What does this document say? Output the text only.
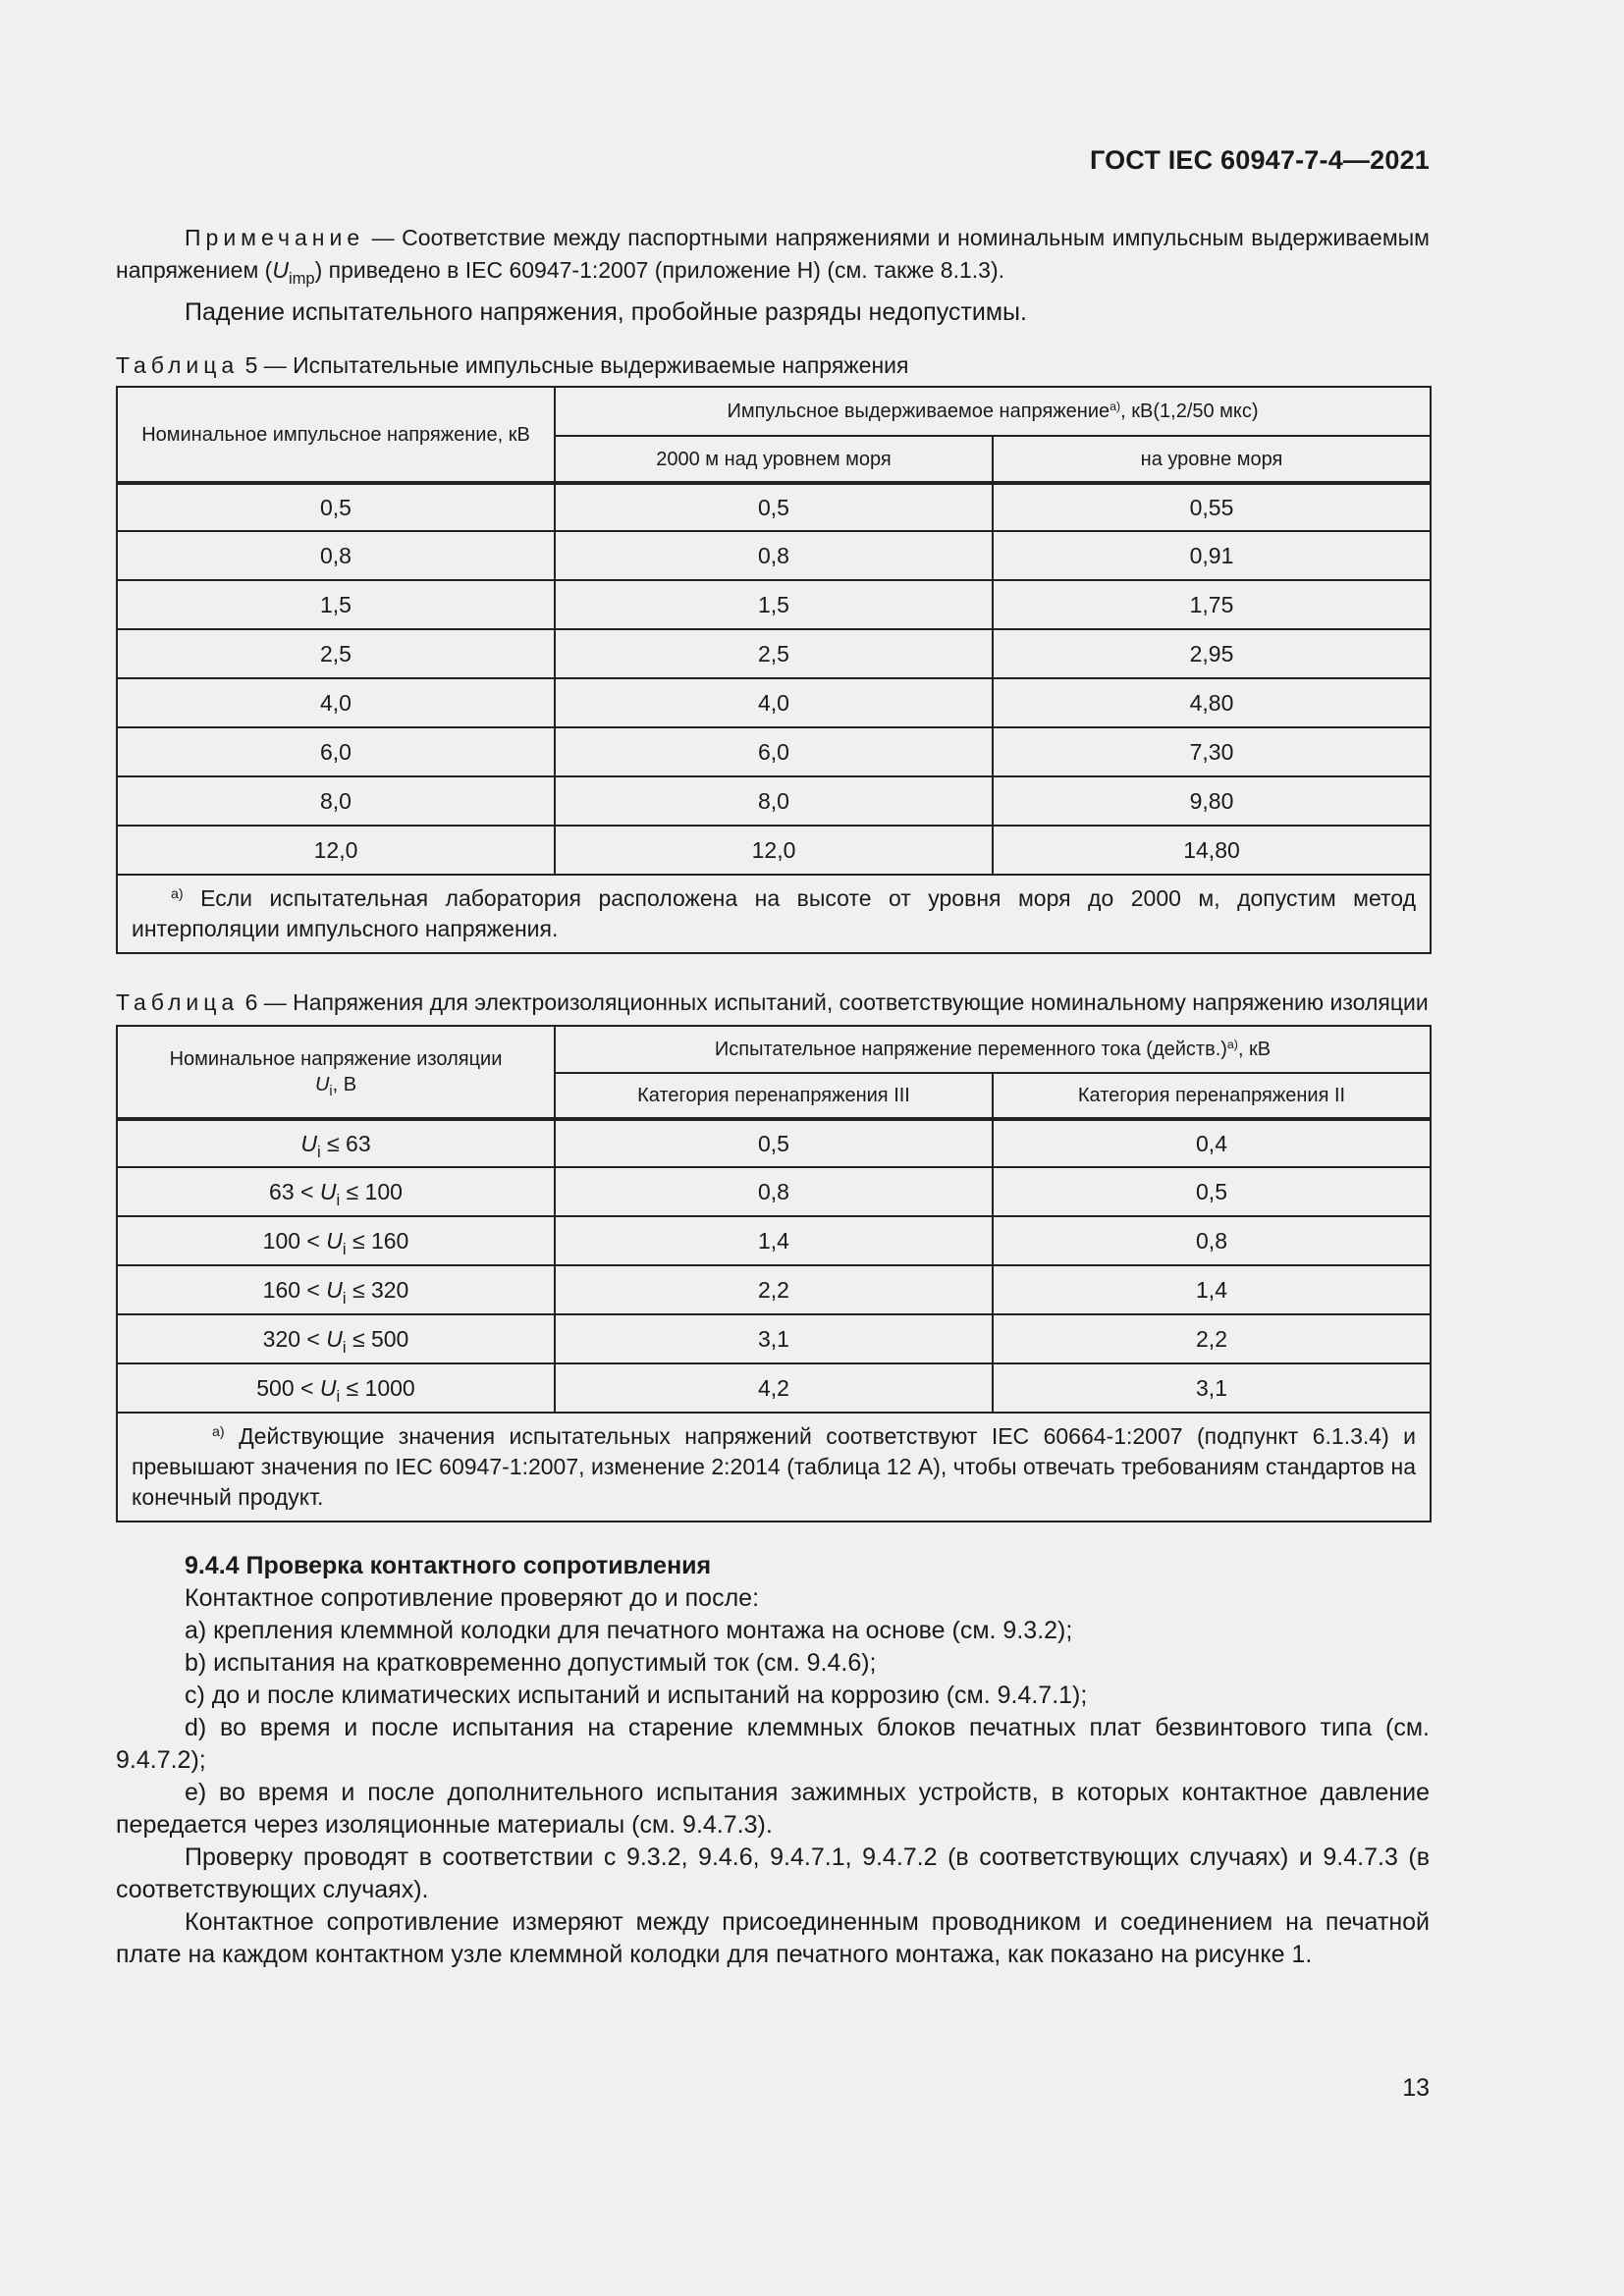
ГОСТ IEC 60947-7-4—2021

Примечание — Соответствие между паспортными напряжениями и номинальным импульсным выдерживаемым напряжением $(U_{imp})$ приведено в IEC 60947-1:2007 (приложение H) (см. также 8.1.3).

Падение испытательного напряжения, пробойные разряды недопустимы.

Таблица 5 — Испытательные импульсные выдерживаемые напряжения

Номинальное импульсное напряжение, кВ	Импульсное выдерживаемое напряжение$^{a)}$, кВ(1,2/50 мкс)	
	2000 м над уровнем моря	на уровне моря
0,5	0,5	0,55
0,8	0,8	0,91
1,5	1,5	1,75
2,5	2,5	2,95
4,0	4,0	4,80
6,0	6,0	7,30
8,0	8,0	9,80
12,0	12,0	14,80
$^{a)}$ Если испытательная лаборатория расположена на высоте от уровня моря до 2000 м, допустим метод интерполяции импульсного напряжения.		

Таблица 6 — Напряжения для электроизоляционных испытаний, соответствующие номинальному напряжению изоляции

Номинальное напряжение изоляции
$U_i$, В	Испытательное напряжение переменного тока (действ.)$^{a)}$, кВ	
	Категория перенапряжения III	Категория перенапряжения II
$U_i \le 63$	0,5	0,4
$63 < U_i \le 100$	0,8	0,5
$100 < U_i \le 160$	1,4	0,8
$160 < U_i \le 320$	2,2	1,4
$320 < U_i \le 500$	3,1	2,2
$500 < U_i \le 1000$	4,2	3,1
$^{a)}$ Действующие значения испытательных напряжений соответствуют IEC 60664-1:2007 (подпункт 6.1.3.4) и превышают значения по IEC 60947-1:2007, изменение 2:2014 (таблица 12 A), чтобы отвечать требованиям стандартов на конечный продукт.		

9.4.4 Проверка контактного сопротивления

Контактное сопротивление проверяют до и после:

a) крепления клеммной колодки для печатного монтажа на основе (см. 9.3.2);

b) испытания на кратковременно допустимый ток (см. 9.4.6);

c) до и после климатических испытаний и испытаний на коррозию (см. 9.4.7.1);

d) во время и после испытания на старение клеммных блоков печатных плат безвинтового типа (см. 9.4.7.2);

e) во время и после дополнительного испытания зажимных устройств, в которых контактное давление передается через изоляционные материалы (см. 9.4.7.3).

Проверку проводят в соответствии с 9.3.2, 9.4.6, 9.4.7.1, 9.4.7.2 (в соответствующих случаях) и 9.4.7.3 (в соответствующих случаях).

Контактное сопротивление измеряют между присоединенным проводником и соединением на печатной плате на каждом контактном узле клеммной колодки для печатного монтажа, как показано на рисунке 1.

13
